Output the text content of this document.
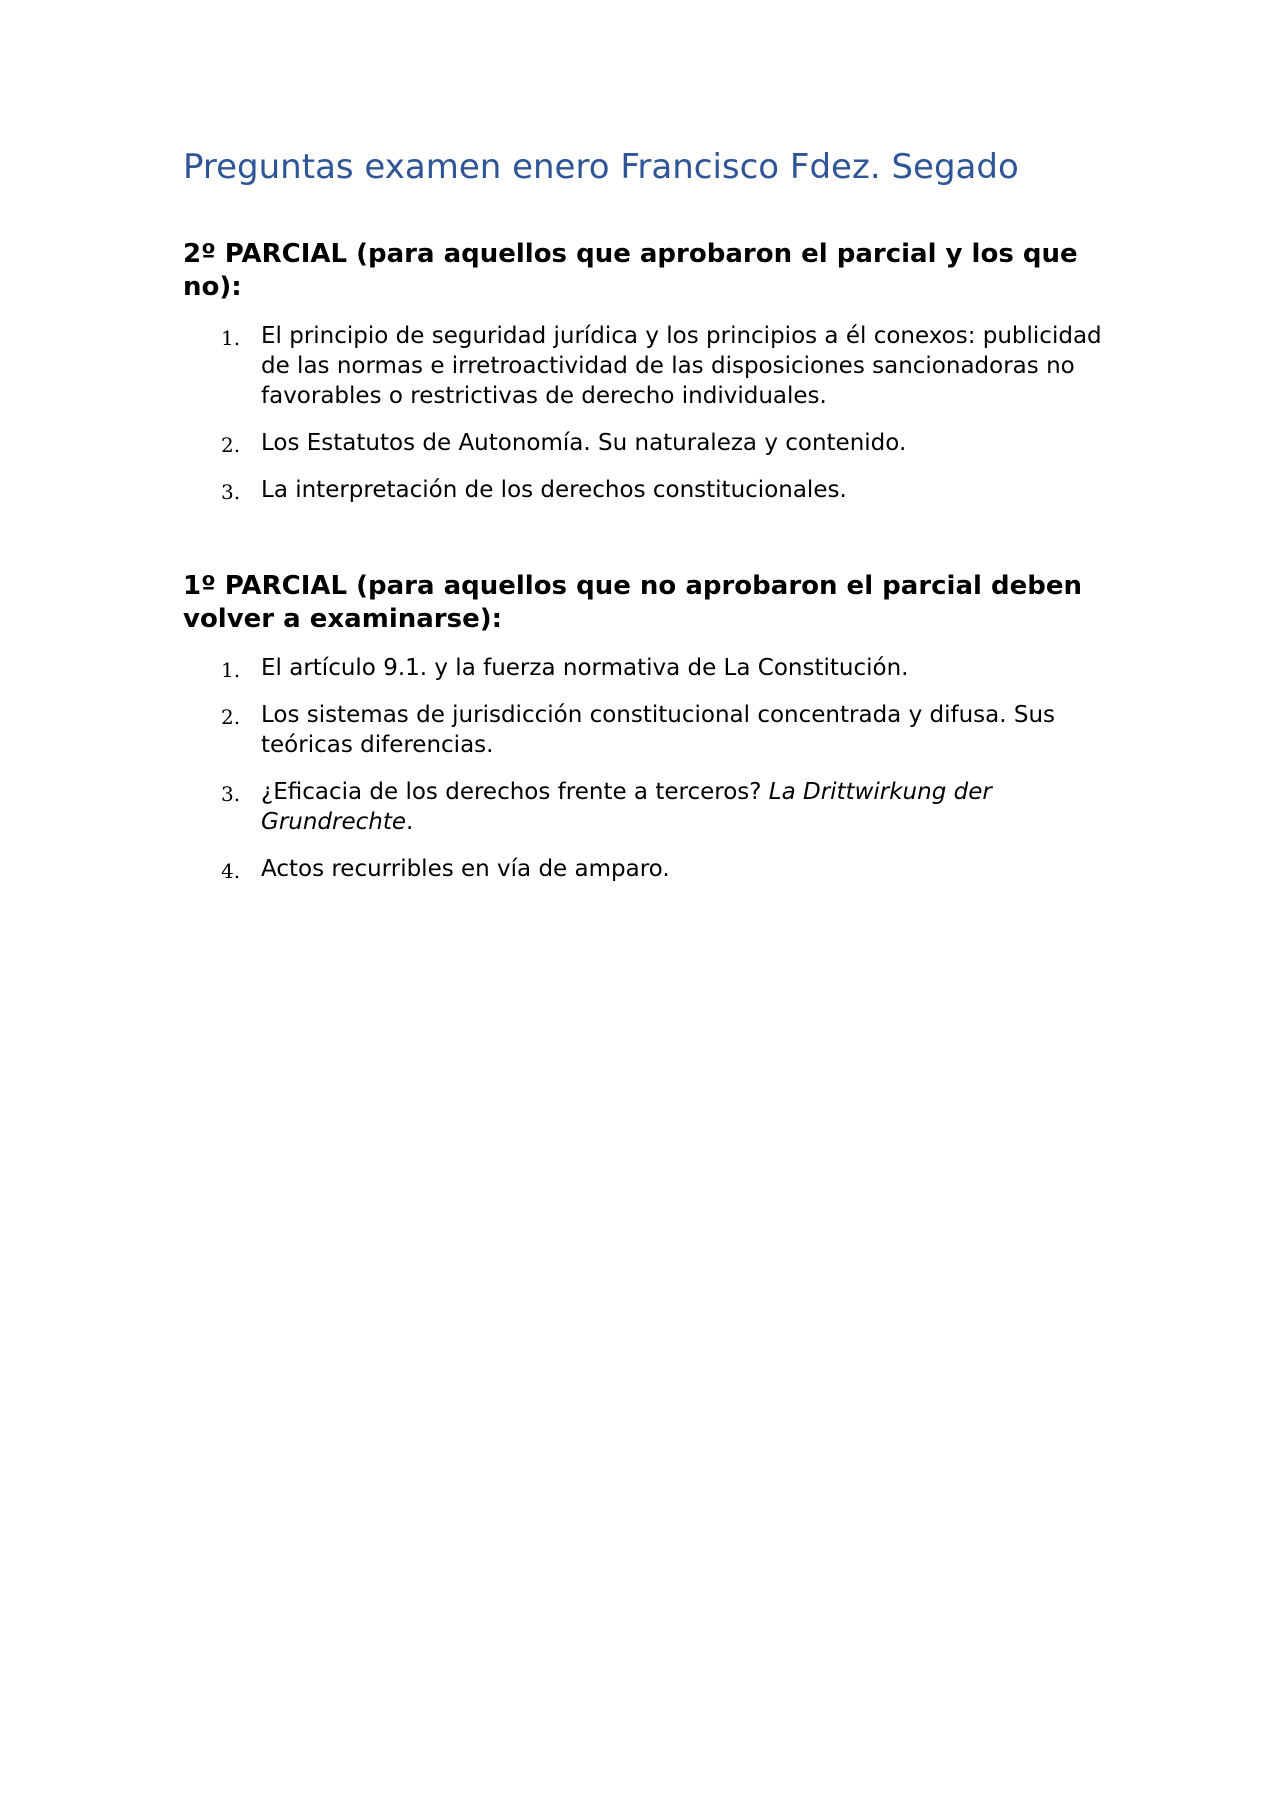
Preguntas examen enero Francisco Fdez. Segado
2º PARCIAL (para aquellos que aprobaron el parcial y los que no):
1. El principio de seguridad jurídica y los principios a él conexos: publicidad de las normas e irretroactividad de las disposiciones sancionadoras no favorables o restrictivas de derecho individuales.
2. Los Estatutos de Autonomía. Su naturaleza y contenido.
3. La interpretación de los derechos constitucionales.
1º PARCIAL (para aquellos que no aprobaron el parcial deben volver a examinarse):
1. El artículo 9.1. y la fuerza normativa de La Constitución.
2. Los sistemas de jurisdicción constitucional concentrada y difusa. Sus teóricas diferencias.
3. ¿Eficacia de los derechos frente a terceros? La Drittwirkung der Grundrechte.
4. Actos recurribles en vía de amparo.
